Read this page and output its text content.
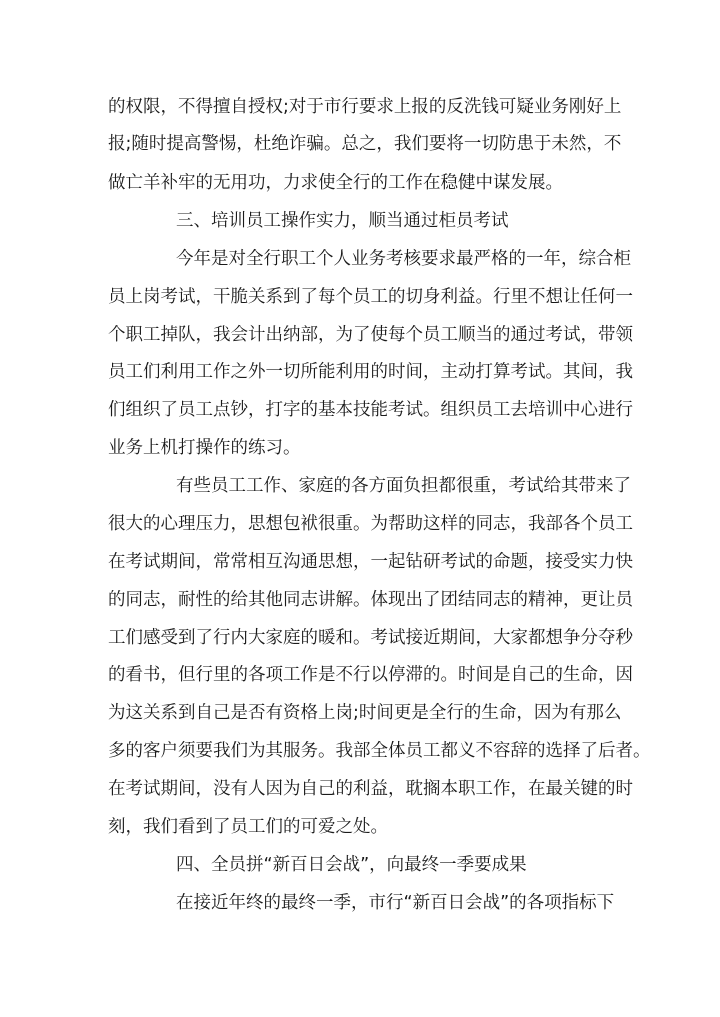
的权限，不得擅自授权;对于市行要求上报的反洗钱可疑业务刚好上
报;随时提高警惕，杜绝诈骗。总之，我们要将一切防患于未然，不
做亡羊补牢的无用功，力求使全行的工作在稳健中谋发展。
三、培训员工操作实力，顺当通过柜员考试
今年是对全行职工个人业务考核要求最严格的一年，综合柜
员上岗考试，干脆关系到了每个员工的切身利益。行里不想让任何一
个职工掉队，我会计出纳部，为了使每个员工顺当的通过考试，带领
员工们利用工作之外一切所能利用的时间，主动打算考试。其间，我
们组织了员工点钞，打字的基本技能考试。组织员工去培训中心进行
业务上机打操作的练习。
有些员工工作、家庭的各方面负担都很重，考试给其带来了
很大的心理压力，思想包袱很重。为帮助这样的同志，我部各个员工
在考试期间，常常相互沟通思想，一起钻研考试的命题，接受实力快
的同志，耐性的给其他同志讲解。体现出了团结同志的精神，更让员
工们感受到了行内大家庭的暖和。考试接近期间，大家都想争分夺秒
的看书，但行里的各项工作是不行以停滞的。时间是自己的生命，因
为这关系到自己是否有资格上岗;时间更是全行的生命，因为有那么
多的客户须要我们为其服务。我部全体员工都义不容辞的选择了后者。
在考试期间，没有人因为自己的利益，耽搁本职工作，在最关键的时
刻，我们看到了员工们的可爱之处。
四、全员拼“新百日会战”，向最终一季要成果
在接近年终的最终一季，市行“新百日会战”的各项指标下
